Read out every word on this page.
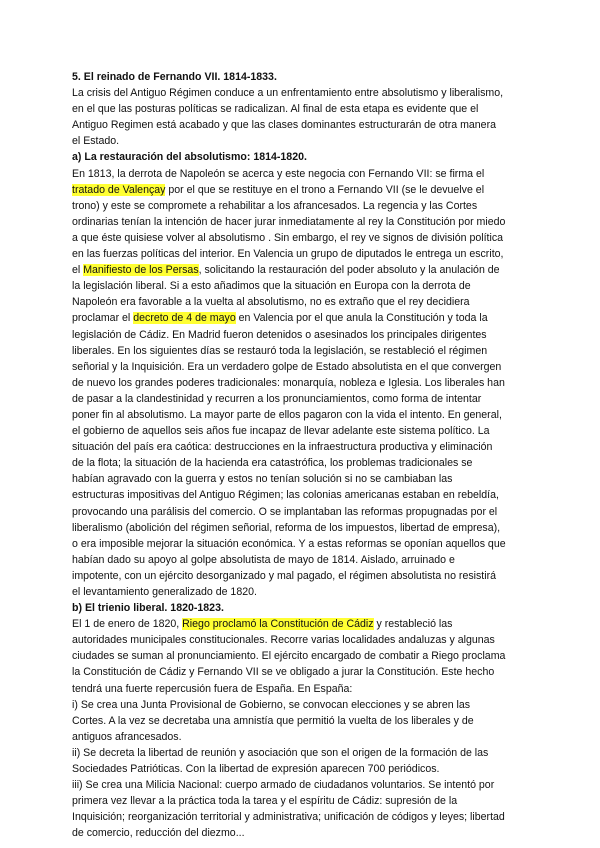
5. El reinado de Fernando VII. 1814-1833.

La crisis del Antiguo Régimen conduce a un enfrentamiento entre absolutismo y liberalismo,

en el que las posturas políticas se radicalizan. Al final de esta etapa es evidente que el

Antiguo Regimen está acabado y que las clases dominantes estructurarán de otra manera

el Estado.

a) La restauración del absolutismo: 1814-1820.

En 1813, la derrota de Napoleón se acerca y este negocia con Fernando VII: se firma el

tratado de Valençay por el que se restituye en el trono a Fernando VII (se le devuelve el

trono) y este se compromete a rehabilitar a los afrancesados. La regencia y las Cortes

ordinarias tenían la intención de hacer jurar inmediatamente al rey la Constitución por miedo

a que éste quisiese volver al absolutismo . Sin embargo, el rey ve signos de división política

en las fuerzas políticas del interior. En Valencia un grupo de diputados le entrega un escrito,

el Manifiesto de los Persas, solicitando la restauración del poder absoluto y la anulación de

la legislación liberal. Si a esto añadimos que la situación en Europa con la derrota de

Napoleón era favorable a la vuelta al absolutismo, no es extraño que el rey decidiera

proclamar el decreto de 4 de mayo en Valencia por el que anula la Constitución y toda la

legislación de Cádiz. En Madrid fueron detenidos o asesinados los principales dirigentes

liberales. En los siguientes días se restauró toda la legislación, se restableció el régimen

señorial y la Inquisición. Era un verdadero golpe de Estado absolutista en el que convergen

de nuevo los grandes poderes tradicionales: monarquía, nobleza e Iglesia. Los liberales han

de pasar a la clandestinidad y recurren a los pronunciamientos, como forma de intentar

poner fin al absolutismo. La mayor parte de ellos pagaron con la vida el intento. En general,

el gobierno de aquellos seis años fue incapaz de llevar adelante este sistema político. La

situación del país era caótica: destrucciones en la infraestructura productiva y eliminación

de la flota; la situación de la hacienda era catastrófica, los problemas tradicionales se

habían agravado con la guerra y estos no tenían solución si no se cambiaban las

estructuras impositivas del Antiguo Régimen; las colonias americanas estaban en rebeldía,

provocando una parálisis del comercio. O se implantaban las reformas propugnadas por el

liberalismo (abolición del régimen señorial, reforma de los impuestos, libertad de empresa),

o era imposible mejorar la situación económica. Y a estas reformas se oponían aquellos que

habían dado su apoyo al golpe absolutista de mayo de 1814. Aislado, arruinado e

impotente, con un ejército desorganizado y mal pagado, el régimen absolutista no resistirá

el levantamiento generalizado de 1820.

b) El trienio liberal. 1820-1823.

El 1 de enero de 1820, Riego proclamó la Constitución de Cádiz y restableció las

autoridades municipales constitucionales. Recorre varias localidades andaluzas y algunas

ciudades se suman al pronunciamiento. El ejército encargado de combatir a Riego proclama

la Constitución de Cádiz y Fernando VII se ve obligado a jurar la Constitución. Este hecho

tendrá una fuerte repercusión fuera de España. En España:

i) Se crea una Junta Provisional de Gobierno, se convocan elecciones y se abren las

Cortes. A la vez se decretaba una amnistía que permitió la vuelta de los liberales y de

antiguos afrancesados.

ii) Se decreta la libertad de reunión y asociación que son el origen de la formación de las

Sociedades Patrióticas. Con la libertad de expresión aparecen 700 periódicos.

iii) Se crea una Milicia Nacional: cuerpo armado de ciudadanos voluntarios. Se intentó por

primera vez llevar a la práctica toda la tarea y el espíritu de Cádiz: supresión de la

Inquisición; reorganización territorial y administrativa; unificación de códigos y leyes; libertad

de comercio, reducción del diezmo...
